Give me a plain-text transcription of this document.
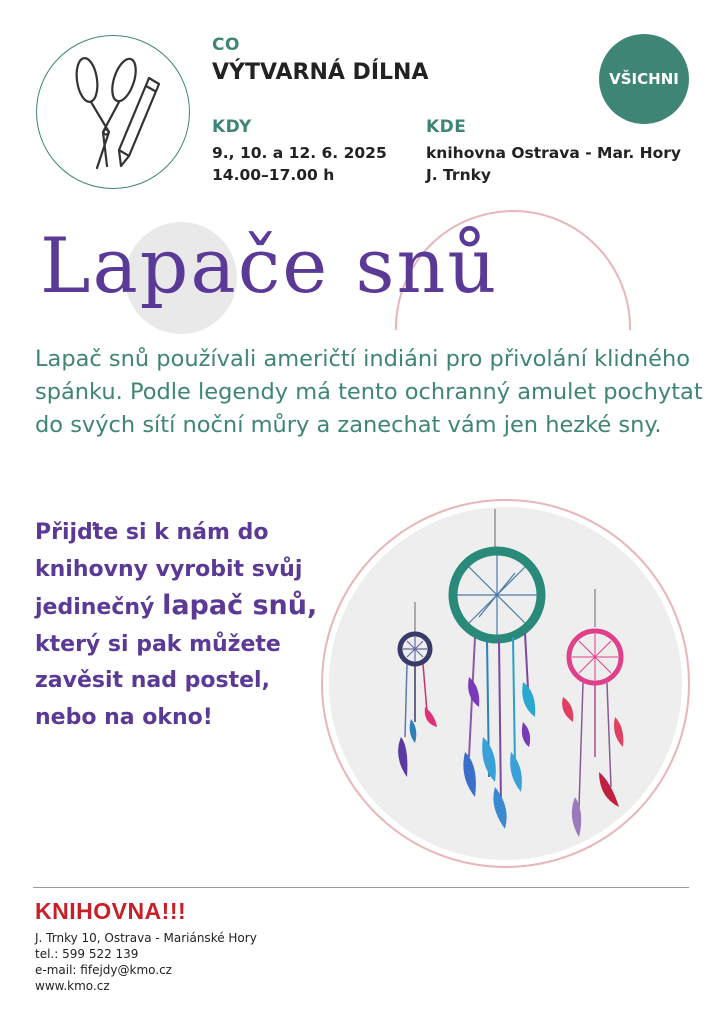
CO
VÝTVARNÁ DÍLNA
KDY
9., 10. a 12. 6. 2025
14.00–17.00 h
KDE
knihovna Ostrava - Mar. Hory
J. Trnky
VŠICHNI
Lapače snů
Lapač snů používali američtí indiáni pro přivolání klidného spánku. Podle legendy má tento ochranný amulet pochytat do svých sítí noční můry a zanechat vám jen hezké sny.
Přijďte si k nám do knihovny vyrobit svůj jedinečný lapač snů, který si pak můžete zavěsit nad postel, nebo na okno!
KNIHOVNA!!!
J. Trnky 10, Ostrava - Mariánské Hory
tel.: 599 522 139
e-mail: fifejdy@kmo.cz
www.kmo.cz
